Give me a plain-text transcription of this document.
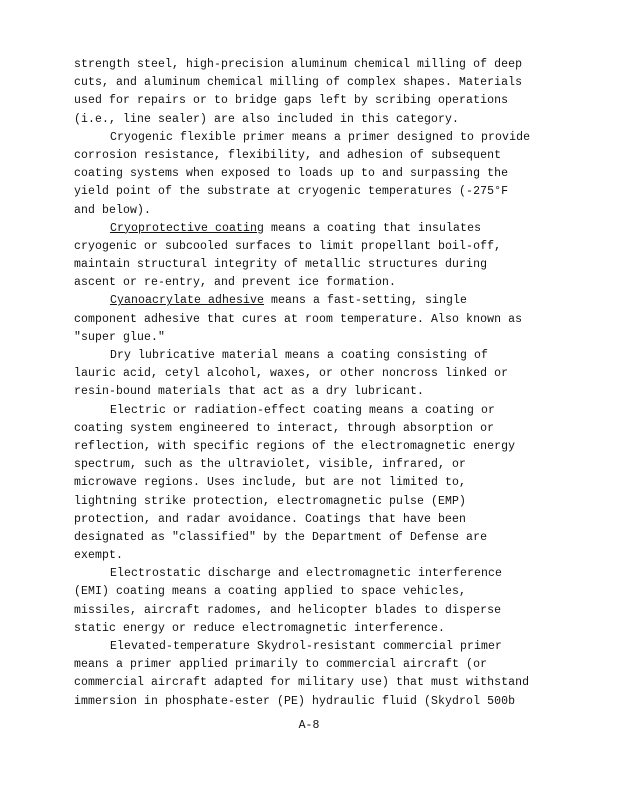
strength steel, high-precision aluminum chemical milling of deep
cuts, and aluminum chemical milling of complex shapes. Materials
used for repairs or to bridge gaps left by scribing operations
(i.e., line sealer) are also included in this category.
Cryogenic flexible primer means a primer designed to provide
corrosion resistance, flexibility, and adhesion of subsequent
coating systems when exposed to loads up to and surpassing the
yield point of the substrate at cryogenic temperatures (-275°F
and below).
Cryoprotective coating means a coating that insulates
cryogenic or subcooled surfaces to limit propellant boil-off,
maintain structural integrity of metallic structures during
ascent or re-entry, and prevent ice formation.
Cyanoacrylate adhesive means a fast-setting, single
component adhesive that cures at room temperature. Also known as
"super glue."
Dry lubricative material means a coating consisting of
lauric acid, cetyl alcohol, waxes, or other noncross linked or
resin-bound materials that act as a dry lubricant.
Electric or radiation-effect coating means a coating or
coating system engineered to interact, through absorption or
reflection, with specific regions of the electromagnetic energy
spectrum, such as the ultraviolet, visible, infrared, or
microwave regions. Uses include, but are not limited to,
lightning strike protection, electromagnetic pulse (EMP)
protection, and radar avoidance. Coatings that have been
designated as "classified" by the Department of Defense are
exempt.
Electrostatic discharge and electromagnetic interference
(EMI) coating means a coating applied to space vehicles,
missiles, aircraft radomes, and helicopter blades to disperse
static energy or reduce electromagnetic interference.
Elevated-temperature Skydrol-resistant commercial primer
means a primer applied primarily to commercial aircraft (or
commercial aircraft adapted for military use) that must withstand
immersion in phosphate-ester (PE) hydraulic fluid (Skydrol 500b
A-8
